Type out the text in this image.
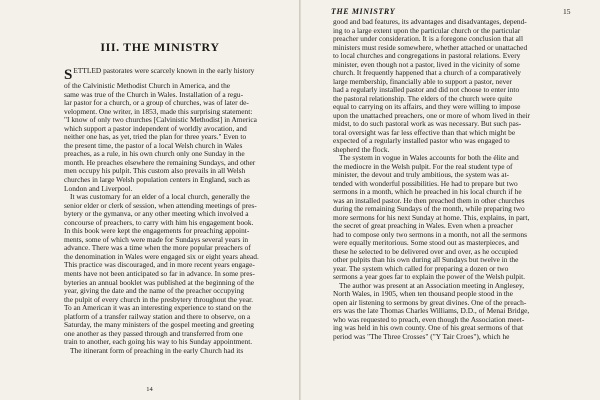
III. THE MINISTRY
SETTLED pastorates were scarcely known in the early history
of the Calvinistic Methodist Church in America, and the
same was true of the Church in Wales. Installation of a regu-
lar pastor for a church, or a group of churches, was of later de-
velopment. One writer, in 1853, made this surprising statement:
"I know of only two churches [Calvinistic Methodist] in America
which support a pastor independent of worldly avocation, and
neither one has, as yet, tried the plan for three years." Even to
the present time, the pastor of a local Welsh church in Wales
preaches, as a rule, in his own church only one Sunday in the
month. He preaches elsewhere the remaining Sundays, and other
men occupy his pulpit. This custom also prevails in all Welsh
churches in large Welsh population centers in England, such as
London and Liverpool.
It was customary for an elder of a local church, generally the
senior elder or clerk of session, when attending meetings of pres-
bytery or the gymanva, or any other meeting which involved a
concourse of preachers, to carry with him his engagement book.
In this book were kept the engagements for preaching appoint-
ments, some of which were made for Sundays several years in
advance. There was a time when the more popular preachers of
the denomination in Wales were engaged six or eight years ahead.
This practice was discouraged, and in more recent years engage-
ments have not been anticipated so far in advance. In some pres-
byteries an annual booklet was published at the beginning of the
year, giving the date and the name of the preacher occupying
the pulpit of every church in the presbytery throughout the year.
To an American it was an interesting experience to stand on the
platform of a transfer railway station and there to observe, on a
Saturday, the many ministers of the gospel meeting and greeting
one another as they passed through and transferred from one
train to another, each going his way to his Sunday appointment.
The itinerant form of preaching in the early Church had its
14
THE MINISTRY	15
good and bad features, its advantages and disadvantages, depend-
ing to a large extent upon the particular church or the particular
preacher under consideration. It is a foregone conclusion that all
ministers must reside somewhere, whether attached or unattached
to local churches and congregations in pastoral relations. Every
minister, even though not a pastor, lived in the vicinity of some
church. It frequently happened that a church of a comparatively
large membership, financially able to support a pastor, never
had a regularly installed pastor and did not choose to enter into
the pastoral relationship. The elders of the church were quite
equal to carrying on its affairs, and they were willing to impose
upon the unattached preachers, one or more of whom lived in their
midst, to do such pastoral work as was necessary. But such pas-
toral oversight was far less effective than that which might be
expected of a regularly installed pastor who was engaged to
shepherd the flock.
The system in vogue in Wales accounts for both the élite and
the mediocre in the Welsh pulpit. For the real student type of
minister, the devout and truly ambitious, the system was at-
tended with wonderful possibilities. He had to prepare but two
sermons in a month, which he preached in his local church if he
was an installed pastor. He then preached them in other churches
during the remaining Sundays of the month, while preparing two
more sermons for his next Sunday at home. This, explains, in part,
the secret of great preaching in Wales. Even when a preacher
had to compose only two sermons in a month, not all the sermons
were equally meritorious. Some stood out as masterpieces, and
these he selected to be delivered over and over, as he occupied
other pulpits than his own during all Sundays but twelve in the
year. The system which called for preparing a dozen or two
sermons a year goes far to explain the power of the Welsh pulpit.
The author was present at an Association meeting in Anglesey,
North Wales, in 1905, when ten thousand people stood in the
open air listening to sermons by great divines. One of the preach-
ers was the late Thomas Charles Williams, D.D., of Menai Bridge,
who was requested to preach, even though the Association meet-
ing was held in his own county. One of his great sermons of that
period was "The Three Crosses" ("Y Tair Croes"), which he
